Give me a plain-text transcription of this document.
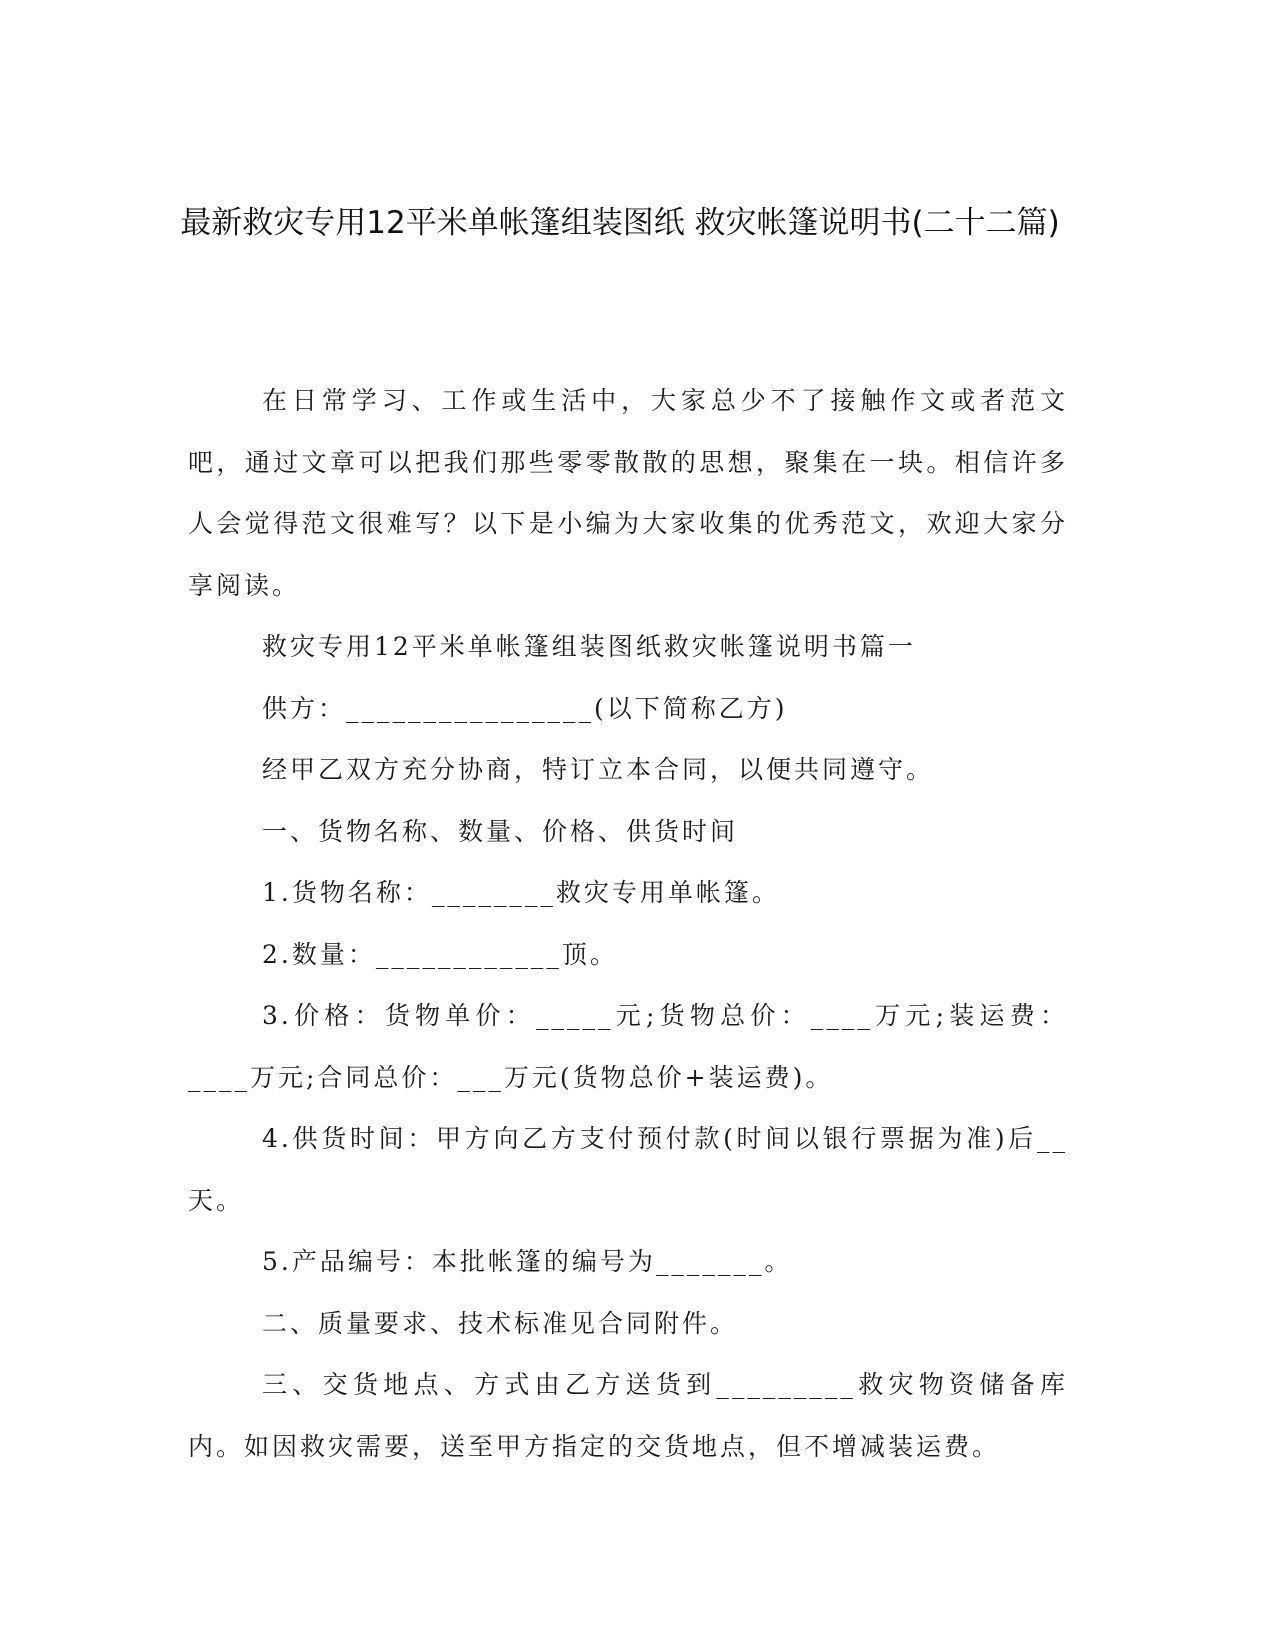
最新救灾专用12平米单帐篷组装图纸 救灾帐篷说明书(二十二篇)

在日常学习、工作或生活中，大家总少不了接触作文或者范文吧，通过文章可以把我们那些零零散散的思想，聚集在一块。相信许多人会觉得范文很难写？以下是小编为大家收集的优秀范文，欢迎大家分享阅读。

救灾专用12平米单帐篷组装图纸救灾帐篷说明书篇一

供方：________________(以下简称乙方)

经甲乙双方充分协商，特订立本合同，以便共同遵守。

一、货物名称、数量、价格、供货时间

1.货物名称：________救灾专用单帐篷。

2.数量：____________顶。

3.价格：货物单价：_____元;货物总价：____万元;装运费：____万元;合同总价：___万元(货物总价+装运费)。

4.供货时间：甲方向乙方支付预付款(时间以银行票据为准)后__天。

5.产品编号：本批帐篷的编号为_______。

二、质量要求、技术标准见合同附件。

三、交货地点、方式由乙方送货到_________救灾物资储备库内。如因救灾需要，送至甲方指定的交货地点，但不增减装运费。
